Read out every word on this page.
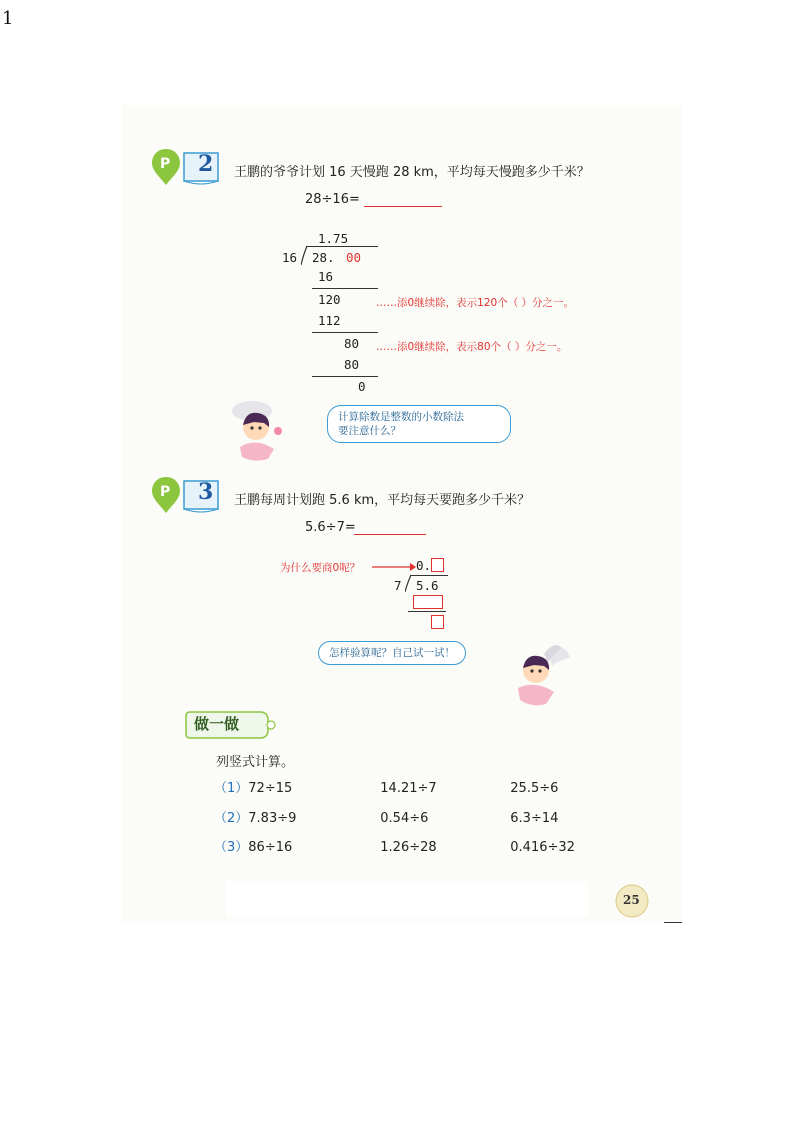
1
P 2 王鹏的爷爷计划 16 天慢跑 28 km，平均每天慢跑多少千米？
28÷16=
1.75
16 28. 00
16
120	……添0继续除，表示120个（ ）分之一。
112
80 ……添0继续除，表示80个（ ）分之一。
80
0
计算除数是整数的小数除法
要注意什么？
P 3 王鹏每周计划跑 5.6 km，平均每天要跑多少千米？
5.6÷7=
为什么要商0呢？	0.
7 5.6
怎样验算呢？自己试一试！
做一做
列竖式计算。
（1）72÷15	14.21÷7	25.5÷6
（2）7.83÷9	0.54÷6	6.3÷14
（3）86÷16	1.26÷28	0.416÷32
25
